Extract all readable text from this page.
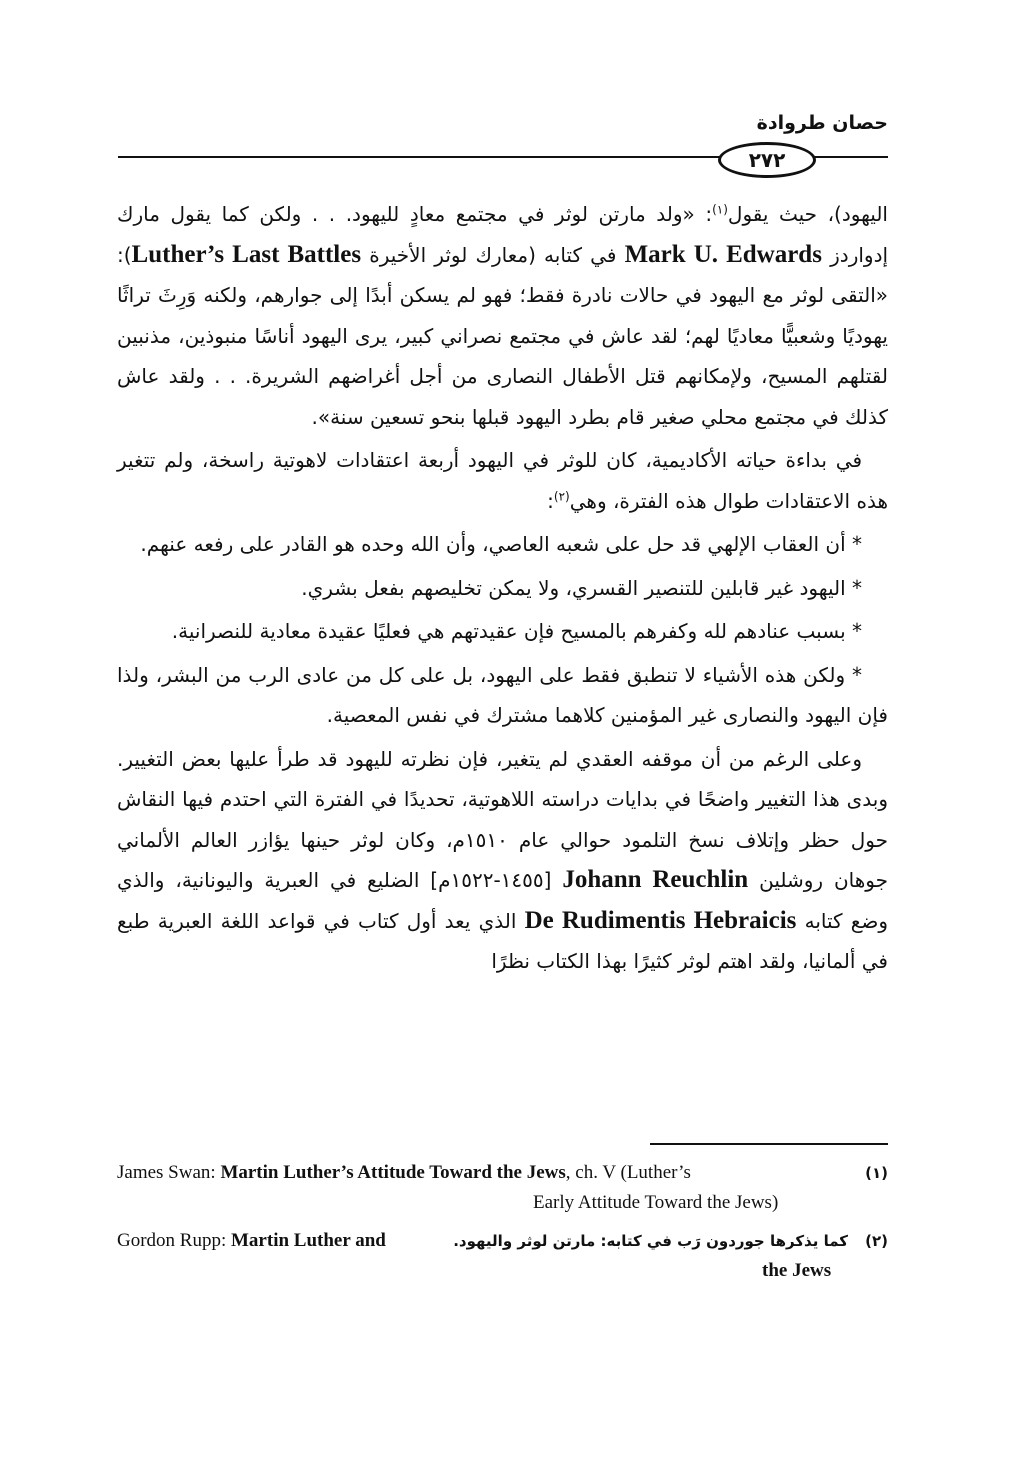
حصان طروادة
٢٧٢

اليهود)، حيث يقول$^{(١)}$: «ولد مارتن لوثر في مجتمع معادٍ لليهود. . . ولكن كما يقول مارك إدواردز Mark U. Edwards في كتابه (معارك لوثر الأخيرة Luther’s Last Battles): «التقى لوثر مع اليهود في حالات نادرة فقط؛ فهو لم يسكن أبدًا إلى جوارهم، ولكنه وَرِثَ تراثًا يهوديًا وشعبيًّا معاديًا لهم؛ لقد عاش في مجتمع نصراني كبير، يرى اليهود أناسًا منبوذين، مذنبين لقتلهم المسيح، ولإمكانهم قتل الأطفال النصارى من أجل أغراضهم الشريرة. . . ولقد عاش كذلك في مجتمع محلي صغير قام بطرد اليهود قبلها بنحو تسعين سنة».

في بداءة حياته الأكاديمية، كان للوثر في اليهود أربعة اعتقادات لاهوتية راسخة، ولم تتغير هذه الاعتقادات طوال هذه الفترة، وهي$^{(٢)}$:

* أن العقاب الإلهي قد حل على شعبه العاصي، وأن الله وحده هو القادر على رفعه عنهم.

* اليهود غير قابلين للتنصير القسري، ولا يمكن تخليصهم بفعل بشري.

* بسبب عنادهم لله وكفرهم بالمسيح فإن عقيدتهم هي فعليًا عقيدة معادية للنصرانية.

* ولكن هذه الأشياء لا تنطبق فقط على اليهود، بل على كل من عادى الرب من البشر، ولذا فإن اليهود والنصارى غير المؤمنين كلاهما مشترك في نفس المعصية.

وعلى الرغم من أن موقفه العقدي لم يتغير، فإن نظرته لليهود قد طرأ عليها بعض التغيير. وبدى هذا التغيير واضحًا في بدايات دراسته اللاهوتية، تحديدًا في الفترة التي احتدم فيها النقاش حول حظر وإتلاف نسخ التلمود حوالي عام ١٥١٠م، وكان لوثر حينها يؤازر العالم الألماني جوهان روشلين Johann Reuchlin [١٤٥٥-١٥٢٢م] الضليع في العبرية واليونانية، والذي وضع كتابه De Rudimentis Hebraicis الذي يعد أول كتاب في قواعد اللغة العبرية طبع في ألمانيا، ولقد اهتم لوثر كثيرًا بهذا الكتاب نظرًا

(١)
James Swan: Martin Luther’s Attitude Toward the Jews, ch. V (Luther’s
Early Attitude Toward the Jews)
(٢)
Gordon Rupp: Martin Luther and	كما يذكرها جوردون رَب في كتابه: مارتن لوثر واليهود.
the Jews
